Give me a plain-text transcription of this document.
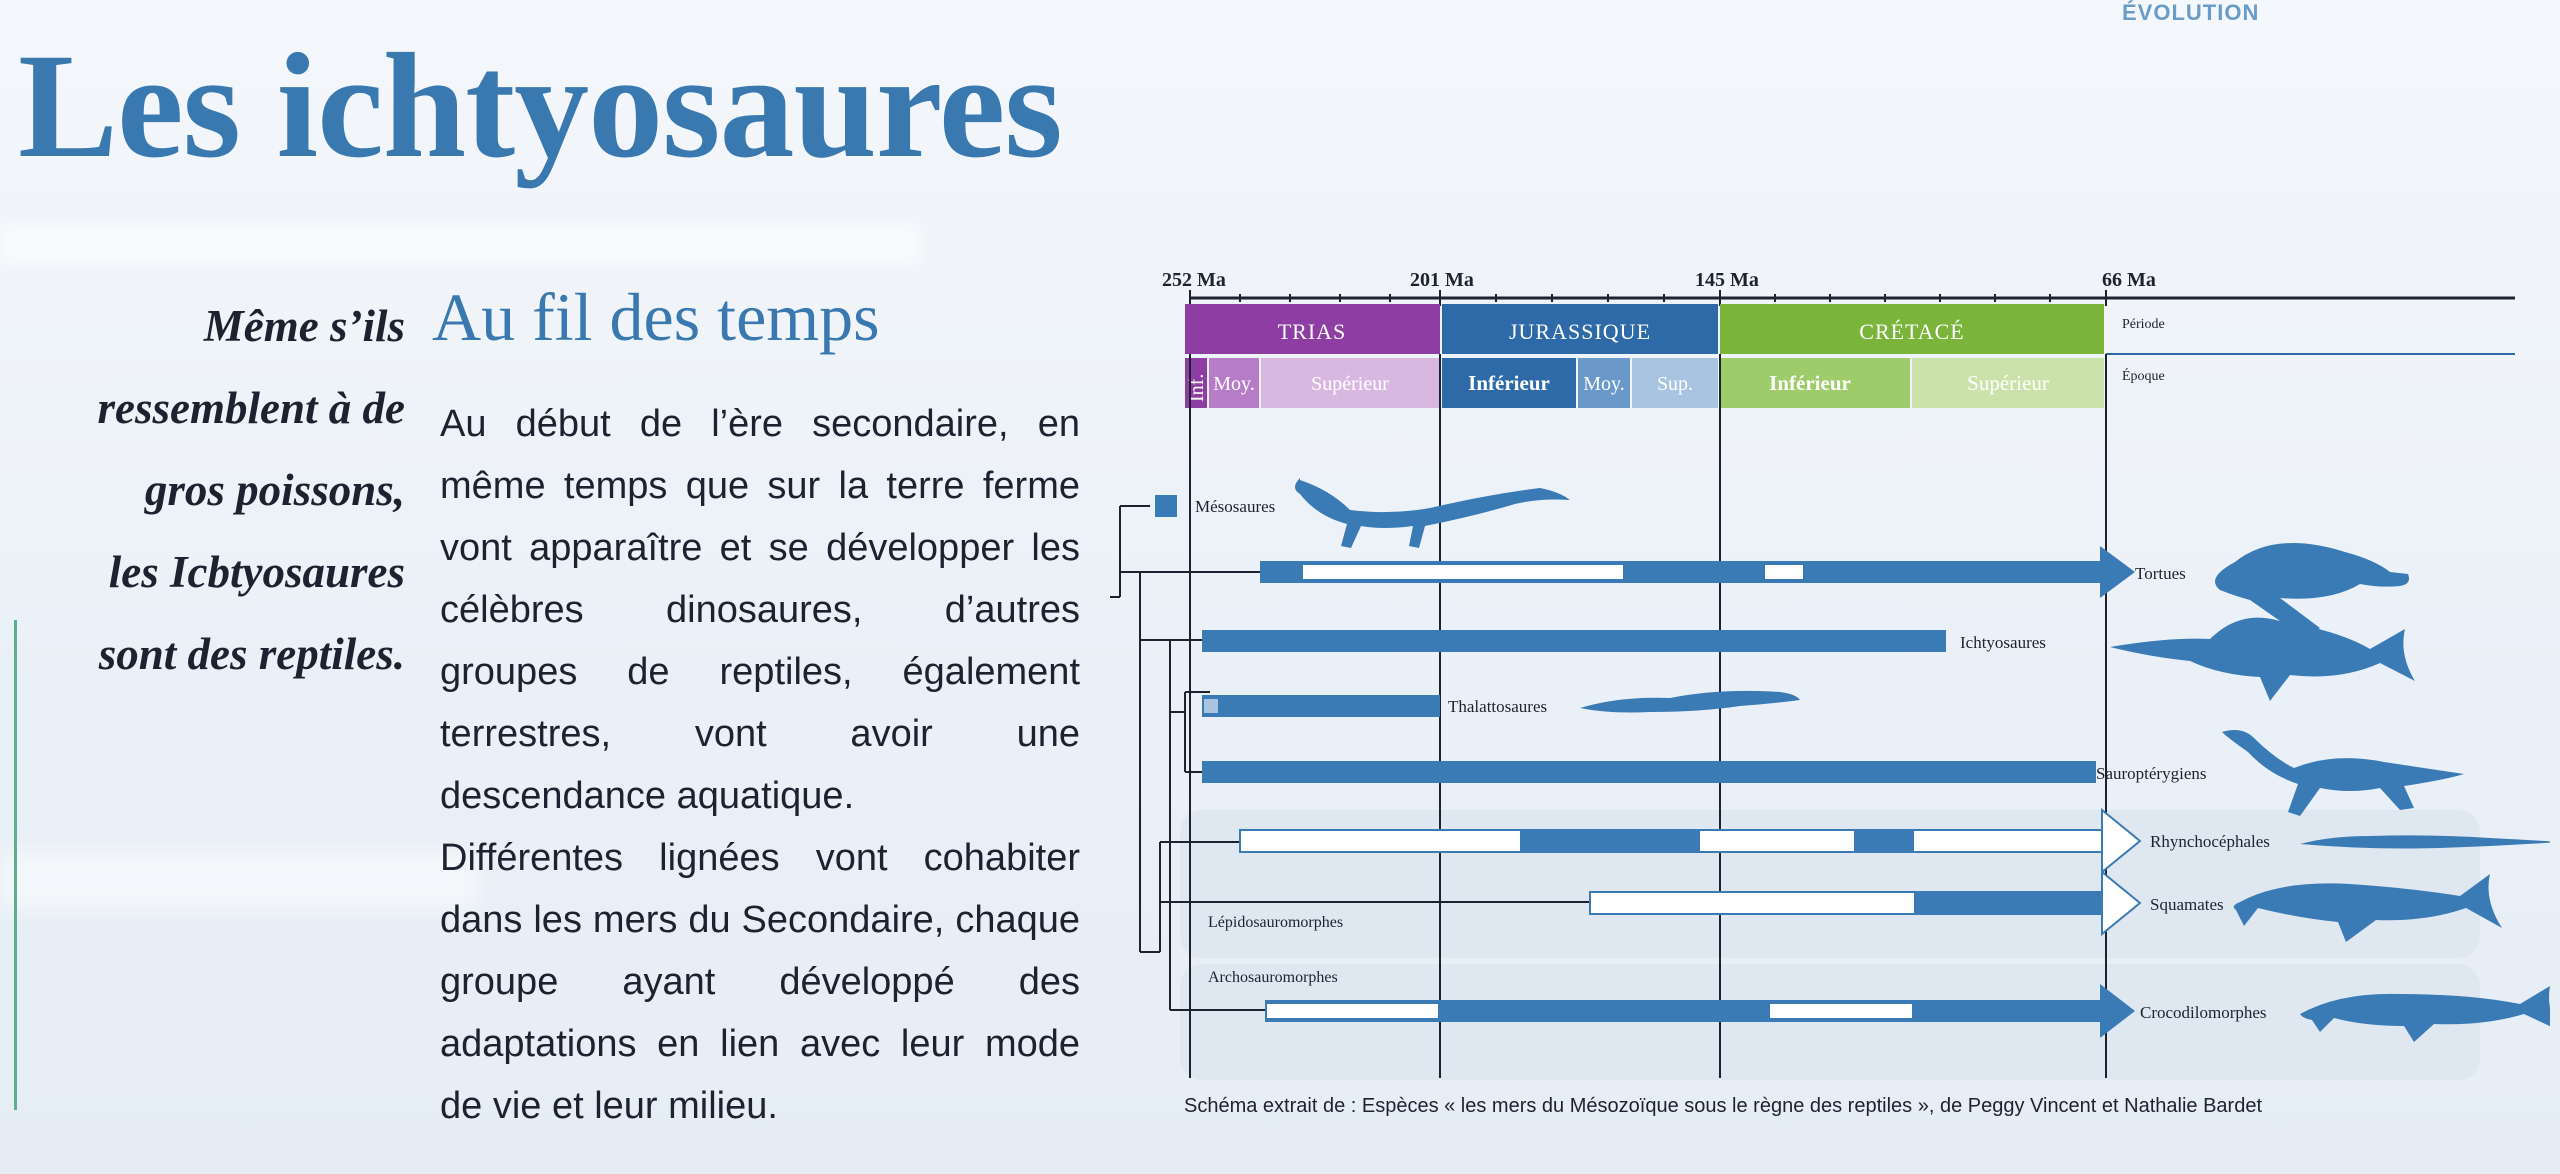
ÉVOLUTION
Les ichtyosaures
Même s’ils
ressemblent à de
gros poissons,
les Icbtyosaures
sont des reptiles.
Au fil des temps

Au début de l’ère secondaire, en même temps que sur la terre ferme vont apparaître et se développer les célèbres dinosaures, d’autres groupes de reptiles, également terrestres, vont avoir une descendance aquatique.

Différentes lignées vont cohabiter dans les mers du Secondaire, chaque groupe ayant développé des adaptations en lien avec leur mode de vie et leur milieu.

252 Ma	201 Ma	145 Ma	66 Ma
TRIAS	JURASSIQUE	CRÉTACÉ	Période
Inf. Moy.	Supérieur	Inférieur Moy. Sup.	Inférieur	Supérieur	Époque
Mésosaures
Tortues
Ichtyosaures
Thalattosaures
Sauroptérygiens
Rhynchocéphales
Squamates
Lépidosauromorphes
Archosauromorphes
Crocodilomorphes
Schéma extrait de : Espèces « les mers du Mésozoïque sous le règne des reptiles », de Peggy Vincent et Nathalie Bardet
